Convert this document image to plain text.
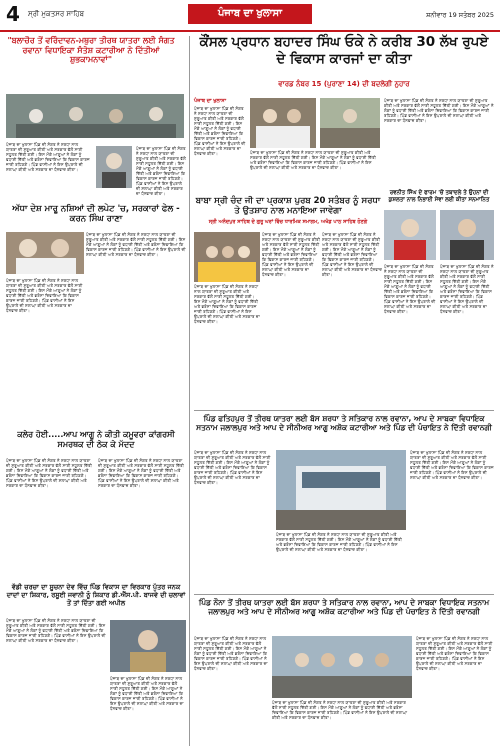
4 ਸ੍ਰੀ ਮੁਕਤਸਰ ਸਾਹਿਬ	ਪੰਜਾਬ ਦਾ ਖੁਲਾਸਾ	ਸ਼ਨੀਵਾਰ 19 ਸਤੰਬਰ 2025
"ਬਲਾਚੌਰ ਤੋਂ ਵਰਿੰਦਾਵਨ-ਮਥੁਰਾ ਤੀਰਥ ਯਾਤਰਾ ਲਈ ਸੰਗਤ ਰਵਾਨਾ ਵਿਧਾਇਕਾ ਸੰਤੋਸ਼ ਕਟਾਰੀਆ ਨੇ ਦਿੱਤੀਆਂ ਸ਼ੁਭਕਾਮਨਾਵਾਂ"
ਪੰਜਾਬ ਦਾ ਖੁਲਾਸਾ ਪਿੰਡ ਦੀ ਸੰਗਤ ਨੇ ਸ਼ਰਧਾ ਨਾਲ ਯਾਤਰਾ ਦੀ ਸ਼ੁਰੂਆਤ ਕੀਤੀ ਅਤੇ ਸਰਕਾਰ ਵੱਲੋਂ ਸਾਰੀ ਸਹੂਲਤ ਦਿੱਤੀ ਗਈ। ਇਸ ਮੌਕੇ ਆਗੂਆਂ ਨੇ ਲੋਕਾਂ ਨੂੰ ਵਧਾਈ ਦਿੱਤੀ ਅਤੇ ਭਰੋਸਾ ਦਿਵਾਇਆ ਕਿ ਵਿਕਾਸ ਕਾਰਜ ਜਾਰੀ ਰਹਿਣਗੇ। ਪਿੰਡ ਵਾਸੀਆਂ ਨੇ ਇਸ ਉਪਰਾਲੇ ਦੀ ਸ਼ਲਾਘਾ ਕੀਤੀ ਅਤੇ ਸਰਕਾਰ ਦਾ ਧੰਨਵਾਦ ਕੀਤਾ।
ਪੰਜਾਬ ਦਾ ਖੁਲਾਸਾ ਪਿੰਡ ਦੀ ਸੰਗਤ ਨੇ ਸ਼ਰਧਾ ਨਾਲ ਯਾਤਰਾ ਦੀ ਸ਼ੁਰੂਆਤ ਕੀਤੀ ਅਤੇ ਸਰਕਾਰ ਵੱਲੋਂ ਸਾਰੀ ਸਹੂਲਤ ਦਿੱਤੀ ਗਈ। ਇਸ ਮੌਕੇ ਆਗੂਆਂ ਨੇ ਲੋਕਾਂ ਨੂੰ ਵਧਾਈ ਦਿੱਤੀ ਅਤੇ ਭਰੋਸਾ ਦਿਵਾਇਆ ਕਿ ਵਿਕਾਸ ਕਾਰਜ ਜਾਰੀ ਰਹਿਣਗੇ। ਪਿੰਡ ਵਾਸੀਆਂ ਨੇ ਇਸ ਉਪਰਾਲੇ ਦੀ ਸ਼ਲਾਘਾ ਕੀਤੀ ਅਤੇ ਸਰਕਾਰ ਦਾ ਧੰਨਵਾਦ ਕੀਤਾ।
ਅੱਧਾ ਦੇਸ਼ ਮਾਰੂ ਨਸ਼ਿਆਂ ਦੀ ਲਪੇਟ 'ਚ, ਸਰਕਾਰਾਂ ਫੇਲ - ਕਰਨ ਸਿੰਘ ਰਾਣਾ
ਪੰਜਾਬ ਦਾ ਖੁਲਾਸਾ ਪਿੰਡ ਦੀ ਸੰਗਤ ਨੇ ਸ਼ਰਧਾ ਨਾਲ ਯਾਤਰਾ ਦੀ ਸ਼ੁਰੂਆਤ ਕੀਤੀ ਅਤੇ ਸਰਕਾਰ ਵੱਲੋਂ ਸਾਰੀ ਸਹੂਲਤ ਦਿੱਤੀ ਗਈ। ਇਸ ਮੌਕੇ ਆਗੂਆਂ ਨੇ ਲੋਕਾਂ ਨੂੰ ਵਧਾਈ ਦਿੱਤੀ ਅਤੇ ਭਰੋਸਾ ਦਿਵਾਇਆ ਕਿ ਵਿਕਾਸ ਕਾਰਜ ਜਾਰੀ ਰਹਿਣਗੇ। ਪਿੰਡ ਵਾਸੀਆਂ ਨੇ ਇਸ ਉਪਰਾਲੇ ਦੀ ਸ਼ਲਾਘਾ ਕੀਤੀ ਅਤੇ ਸਰਕਾਰ ਦਾ ਧੰਨਵਾਦ ਕੀਤਾ।
ਪੰਜਾਬ ਦਾ ਖੁਲਾਸਾ ਪਿੰਡ ਦੀ ਸੰਗਤ ਨੇ ਸ਼ਰਧਾ ਨਾਲ ਯਾਤਰਾ ਦੀ ਸ਼ੁਰੂਆਤ ਕੀਤੀ ਅਤੇ ਸਰਕਾਰ ਵੱਲੋਂ ਸਾਰੀ ਸਹੂਲਤ ਦਿੱਤੀ ਗਈ। ਇਸ ਮੌਕੇ ਆਗੂਆਂ ਨੇ ਲੋਕਾਂ ਨੂੰ ਵਧਾਈ ਦਿੱਤੀ ਅਤੇ ਭਰੋਸਾ ਦਿਵਾਇਆ ਕਿ ਵਿਕਾਸ ਕਾਰਜ ਜਾਰੀ ਰਹਿਣਗੇ। ਪਿੰਡ ਵਾਸੀਆਂ ਨੇ ਇਸ ਉਪਰਾਲੇ ਦੀ ਸ਼ਲਾਘਾ ਕੀਤੀ ਅਤੇ ਸਰਕਾਰ ਦਾ ਧੰਨਵਾਦ ਕੀਤਾ।
ਕਲੇਰ ਹੋਈ.....ਆਪ ਆਗੂ ਨੇ ਕੀਤੀ ਕਮੂਵਰਾ ਕਾਂਗਰਸੀ ਸਮਰਥਕ ਦੀ ਠੇਕ ਕੇ ਮੱਦਦ
ਪੰਜਾਬ ਦਾ ਖੁਲਾਸਾ ਪਿੰਡ ਦੀ ਸੰਗਤ ਨੇ ਸ਼ਰਧਾ ਨਾਲ ਯਾਤਰਾ ਦੀ ਸ਼ੁਰੂਆਤ ਕੀਤੀ ਅਤੇ ਸਰਕਾਰ ਵੱਲੋਂ ਸਾਰੀ ਸਹੂਲਤ ਦਿੱਤੀ ਗਈ। ਇਸ ਮੌਕੇ ਆਗੂਆਂ ਨੇ ਲੋਕਾਂ ਨੂੰ ਵਧਾਈ ਦਿੱਤੀ ਅਤੇ ਭਰੋਸਾ ਦਿਵਾਇਆ ਕਿ ਵਿਕਾਸ ਕਾਰਜ ਜਾਰੀ ਰਹਿਣਗੇ। ਪਿੰਡ ਵਾਸੀਆਂ ਨੇ ਇਸ ਉਪਰਾਲੇ ਦੀ ਸ਼ਲਾਘਾ ਕੀਤੀ ਅਤੇ ਸਰਕਾਰ ਦਾ ਧੰਨਵਾਦ ਕੀਤਾ।
ਪੰਜਾਬ ਦਾ ਖੁਲਾਸਾ ਪਿੰਡ ਦੀ ਸੰਗਤ ਨੇ ਸ਼ਰਧਾ ਨਾਲ ਯਾਤਰਾ ਦੀ ਸ਼ੁਰੂਆਤ ਕੀਤੀ ਅਤੇ ਸਰਕਾਰ ਵੱਲੋਂ ਸਾਰੀ ਸਹੂਲਤ ਦਿੱਤੀ ਗਈ। ਇਸ ਮੌਕੇ ਆਗੂਆਂ ਨੇ ਲੋਕਾਂ ਨੂੰ ਵਧਾਈ ਦਿੱਤੀ ਅਤੇ ਭਰੋਸਾ ਦਿਵਾਇਆ ਕਿ ਵਿਕਾਸ ਕਾਰਜ ਜਾਰੀ ਰਹਿਣਗੇ। ਪਿੰਡ ਵਾਸੀਆਂ ਨੇ ਇਸ ਉਪਰਾਲੇ ਦੀ ਸ਼ਲਾਘਾ ਕੀਤੀ ਅਤੇ ਸਰਕਾਰ ਦਾ ਧੰਨਵਾਦ ਕੀਤਾ।
ਵੱਡੀ ਚਰਚਾ ਦਾ ਸੂਚਨਾ ਦੇਵ ਵਿੱਚ ਪਿੰਡ ਵਿਕਾਸ ਦਾ ਵਿਰਕਾਰ ਪੁੱਤਰ ਜਨਕ ਦਾਦਾਂ ਦਾ ਸ਼ਿਕਾਰ, ਰਸੂਈ ਜਵਾਨੀ ਨੂੰ ਸ਼ਿਕਾਰ ਡੀ.ਐੱਸ.ਪੀ. ਬਾਜਵੇ ਦੀ ਚਲਾਵਾਂ ਤੋਂ ਤਾਂ ਦਿੱਤਾ ਗਈ ਅਪੀਲ
ਪੰਜਾਬ ਦਾ ਖੁਲਾਸਾ ਪਿੰਡ ਦੀ ਸੰਗਤ ਨੇ ਸ਼ਰਧਾ ਨਾਲ ਯਾਤਰਾ ਦੀ ਸ਼ੁਰੂਆਤ ਕੀਤੀ ਅਤੇ ਸਰਕਾਰ ਵੱਲੋਂ ਸਾਰੀ ਸਹੂਲਤ ਦਿੱਤੀ ਗਈ। ਇਸ ਮੌਕੇ ਆਗੂਆਂ ਨੇ ਲੋਕਾਂ ਨੂੰ ਵਧਾਈ ਦਿੱਤੀ ਅਤੇ ਭਰੋਸਾ ਦਿਵਾਇਆ ਕਿ ਵਿਕਾਸ ਕਾਰਜ ਜਾਰੀ ਰਹਿਣਗੇ। ਪਿੰਡ ਵਾਸੀਆਂ ਨੇ ਇਸ ਉਪਰਾਲੇ ਦੀ ਸ਼ਲਾਘਾ ਕੀਤੀ ਅਤੇ ਸਰਕਾਰ ਦਾ ਧੰਨਵਾਦ ਕੀਤਾ।
ਪੰਜਾਬ ਦਾ ਖੁਲਾਸਾ ਪਿੰਡ ਦੀ ਸੰਗਤ ਨੇ ਸ਼ਰਧਾ ਨਾਲ ਯਾਤਰਾ ਦੀ ਸ਼ੁਰੂਆਤ ਕੀਤੀ ਅਤੇ ਸਰਕਾਰ ਵੱਲੋਂ ਸਾਰੀ ਸਹੂਲਤ ਦਿੱਤੀ ਗਈ। ਇਸ ਮੌਕੇ ਆਗੂਆਂ ਨੇ ਲੋਕਾਂ ਨੂੰ ਵਧਾਈ ਦਿੱਤੀ ਅਤੇ ਭਰੋਸਾ ਦਿਵਾਇਆ ਕਿ ਵਿਕਾਸ ਕਾਰਜ ਜਾਰੀ ਰਹਿਣਗੇ। ਪਿੰਡ ਵਾਸੀਆਂ ਨੇ ਇਸ ਉਪਰਾਲੇ ਦੀ ਸ਼ਲਾਘਾ ਕੀਤੀ ਅਤੇ ਸਰਕਾਰ ਦਾ ਧੰਨਵਾਦ ਕੀਤਾ।
ਕੌਂਸਲ ਪ੍ਰਧਾਨ ਬਹਾਦਰ ਸਿੰਘ ਓਕੇ ਨੇ ਕਰੀਬ 30 ਲੱਖ ਰੁਪਏ ਦੇ ਵਿਕਾਸ ਕਾਰਜਾਂ ਦਾ ਕੀਤਾ
ਵਾਰਡ ਨੰਬਰ 15 (ਪੁਰਾਣਾ 14) ਦੀ ਬਦਲੇਗੀ ਨੁਹਾਰ
ਪੰਜਾਬ ਦਾ ਖੁਲਾਸਾ
ਪੰਜਾਬ ਦਾ ਖੁਲਾਸਾ ਪਿੰਡ ਦੀ ਸੰਗਤ ਨੇ ਸ਼ਰਧਾ ਨਾਲ ਯਾਤਰਾ ਦੀ ਸ਼ੁਰੂਆਤ ਕੀਤੀ ਅਤੇ ਸਰਕਾਰ ਵੱਲੋਂ ਸਾਰੀ ਸਹੂਲਤ ਦਿੱਤੀ ਗਈ। ਇਸ ਮੌਕੇ ਆਗੂਆਂ ਨੇ ਲੋਕਾਂ ਨੂੰ ਵਧਾਈ ਦਿੱਤੀ ਅਤੇ ਭਰੋਸਾ ਦਿਵਾਇਆ ਕਿ ਵਿਕਾਸ ਕਾਰਜ ਜਾਰੀ ਰਹਿਣਗੇ। ਪਿੰਡ ਵਾਸੀਆਂ ਨੇ ਇਸ ਉਪਰਾਲੇ ਦੀ ਸ਼ਲਾਘਾ ਕੀਤੀ ਅਤੇ ਸਰਕਾਰ ਦਾ ਧੰਨਵਾਦ ਕੀਤਾ।	ਪੰਜਾਬ ਦਾ ਖੁਲਾਸਾ ਪਿੰਡ ਦੀ ਸੰਗਤ ਨੇ ਸ਼ਰਧਾ ਨਾਲ ਯਾਤਰਾ ਦੀ ਸ਼ੁਰੂਆਤ ਕੀਤੀ ਅਤੇ ਸਰਕਾਰ ਵੱਲੋਂ ਸਾਰੀ ਸਹੂਲਤ ਦਿੱਤੀ ਗਈ। ਇਸ ਮੌਕੇ ਆਗੂਆਂ ਨੇ ਲੋਕਾਂ ਨੂੰ ਵਧਾਈ ਦਿੱਤੀ ਅਤੇ ਭਰੋਸਾ ਦਿਵਾਇਆ ਕਿ ਵਿਕਾਸ ਕਾਰਜ ਜਾਰੀ ਰਹਿਣਗੇ। ਪਿੰਡ ਵਾਸੀਆਂ ਨੇ ਇਸ ਉਪਰਾਲੇ ਦੀ ਸ਼ਲਾਘਾ ਕੀਤੀ ਅਤੇ ਸਰਕਾਰ ਦਾ ਧੰਨਵਾਦ ਕੀਤਾ।
ਪੰਜਾਬ ਦਾ ਖੁਲਾਸਾ ਪਿੰਡ ਦੀ ਸੰਗਤ ਨੇ ਸ਼ਰਧਾ ਨਾਲ ਯਾਤਰਾ ਦੀ ਸ਼ੁਰੂਆਤ ਕੀਤੀ ਅਤੇ ਸਰਕਾਰ ਵੱਲੋਂ ਸਾਰੀ ਸਹੂਲਤ ਦਿੱਤੀ ਗਈ। ਇਸ ਮੌਕੇ ਆਗੂਆਂ ਨੇ ਲੋਕਾਂ ਨੂੰ ਵਧਾਈ ਦਿੱਤੀ ਅਤੇ ਭਰੋਸਾ ਦਿਵਾਇਆ ਕਿ ਵਿਕਾਸ ਕਾਰਜ ਜਾਰੀ ਰਹਿਣਗੇ। ਪਿੰਡ ਵਾਸੀਆਂ ਨੇ ਇਸ ਉਪਰਾਲੇ ਦੀ ਸ਼ਲਾਘਾ ਕੀਤੀ ਅਤੇ ਸਰਕਾਰ ਦਾ ਧੰਨਵਾਦ ਕੀਤਾ।
ਰਵਨੀਤ ਸਿੰਘ ਦੇ ਫਾਰਮ 'ਚੋਂ ਤਬਾਦਲੇ ਤੇ ਉਹਨਾਂ ਦੀ ਕੁਸ਼ਲਤਾ ਨਾਲ ਨਿਭਾਈ ਸੇਵਾ ਲਈ ਕੀਤਾ ਸਨਮਾਨਿਤ
ਬਾਬਾ ਸ੍ਰੀ ਚੰਦ ਜੀ ਦਾ ਪ੍ਰਕਾਸ਼ ਪੁਰਬ 20 ਸਤੰਬਰ ਨੂੰ ਸਰਧਾ ਤੇ ਉਤਸ਼ਾਹ ਨਾਲ ਮਨਾਇਆ ਜਾਵੇਗਾ
ਸ੍ਰੀ ਅਨੰਦਪੁਰ ਸਾਹਿਬ ਦੇ ਗੁਰੂ ਘਰਾਂ ਵਿੱਚ ਧਾਰਮਿਕ ਸਮਾਗਮ, ਅਖੰਡ ਪਾਠ ਸਾਹਿਬ ਹੋਣਗੇ
ਪੰਜਾਬ ਦਾ ਖੁਲਾਸਾ ਪਿੰਡ ਦੀ ਸੰਗਤ ਨੇ ਸ਼ਰਧਾ ਨਾਲ ਯਾਤਰਾ ਦੀ ਸ਼ੁਰੂਆਤ ਕੀਤੀ ਅਤੇ ਸਰਕਾਰ ਵੱਲੋਂ ਸਾਰੀ ਸਹੂਲਤ ਦਿੱਤੀ ਗਈ। ਇਸ ਮੌਕੇ ਆਗੂਆਂ ਨੇ ਲੋਕਾਂ ਨੂੰ ਵਧਾਈ ਦਿੱਤੀ ਅਤੇ ਭਰੋਸਾ ਦਿਵਾਇਆ ਕਿ ਵਿਕਾਸ ਕਾਰਜ ਜਾਰੀ ਰਹਿਣਗੇ। ਪਿੰਡ ਵਾਸੀਆਂ ਨੇ ਇਸ ਉਪਰਾਲੇ ਦੀ ਸ਼ਲਾਘਾ ਕੀਤੀ ਅਤੇ ਸਰਕਾਰ ਦਾ ਧੰਨਵਾਦ ਕੀਤਾ।
ਪੰਜਾਬ ਦਾ ਖੁਲਾਸਾ ਪਿੰਡ ਦੀ ਸੰਗਤ ਨੇ ਸ਼ਰਧਾ ਨਾਲ ਯਾਤਰਾ ਦੀ ਸ਼ੁਰੂਆਤ ਕੀਤੀ ਅਤੇ ਸਰਕਾਰ ਵੱਲੋਂ ਸਾਰੀ ਸਹੂਲਤ ਦਿੱਤੀ ਗਈ। ਇਸ ਮੌਕੇ ਆਗੂਆਂ ਨੇ ਲੋਕਾਂ ਨੂੰ ਵਧਾਈ ਦਿੱਤੀ ਅਤੇ ਭਰੋਸਾ ਦਿਵਾਇਆ ਕਿ ਵਿਕਾਸ ਕਾਰਜ ਜਾਰੀ ਰਹਿਣਗੇ। ਪਿੰਡ ਵਾਸੀਆਂ ਨੇ ਇਸ ਉਪਰਾਲੇ ਦੀ ਸ਼ਲਾਘਾ ਕੀਤੀ ਅਤੇ ਸਰਕਾਰ ਦਾ ਧੰਨਵਾਦ ਕੀਤਾ।
ਪੰਜਾਬ ਦਾ ਖੁਲਾਸਾ ਪਿੰਡ ਦੀ ਸੰਗਤ ਨੇ ਸ਼ਰਧਾ ਨਾਲ ਯਾਤਰਾ ਦੀ ਸ਼ੁਰੂਆਤ ਕੀਤੀ ਅਤੇ ਸਰਕਾਰ ਵੱਲੋਂ ਸਾਰੀ ਸਹੂਲਤ ਦਿੱਤੀ ਗਈ। ਇਸ ਮੌਕੇ ਆਗੂਆਂ ਨੇ ਲੋਕਾਂ ਨੂੰ ਵਧਾਈ ਦਿੱਤੀ ਅਤੇ ਭਰੋਸਾ ਦਿਵਾਇਆ ਕਿ ਵਿਕਾਸ ਕਾਰਜ ਜਾਰੀ ਰਹਿਣਗੇ। ਪਿੰਡ ਵਾਸੀਆਂ ਨੇ ਇਸ ਉਪਰਾਲੇ ਦੀ ਸ਼ਲਾਘਾ ਕੀਤੀ ਅਤੇ ਸਰਕਾਰ ਦਾ ਧੰਨਵਾਦ ਕੀਤਾ।
ਪੰਜਾਬ ਦਾ ਖੁਲਾਸਾ ਪਿੰਡ ਦੀ ਸੰਗਤ ਨੇ ਸ਼ਰਧਾ ਨਾਲ ਯਾਤਰਾ ਦੀ ਸ਼ੁਰੂਆਤ ਕੀਤੀ ਅਤੇ ਸਰਕਾਰ ਵੱਲੋਂ ਸਾਰੀ ਸਹੂਲਤ ਦਿੱਤੀ ਗਈ। ਇਸ ਮੌਕੇ ਆਗੂਆਂ ਨੇ ਲੋਕਾਂ ਨੂੰ ਵਧਾਈ ਦਿੱਤੀ ਅਤੇ ਭਰੋਸਾ ਦਿਵਾਇਆ ਕਿ ਵਿਕਾਸ ਕਾਰਜ ਜਾਰੀ ਰਹਿਣਗੇ। ਪਿੰਡ ਵਾਸੀਆਂ ਨੇ ਇਸ ਉਪਰਾਲੇ ਦੀ ਸ਼ਲਾਘਾ ਕੀਤੀ ਅਤੇ ਸਰਕਾਰ ਦਾ ਧੰਨਵਾਦ ਕੀਤਾ।
ਪੰਜਾਬ ਦਾ ਖੁਲਾਸਾ ਪਿੰਡ ਦੀ ਸੰਗਤ ਨੇ ਸ਼ਰਧਾ ਨਾਲ ਯਾਤਰਾ ਦੀ ਸ਼ੁਰੂਆਤ ਕੀਤੀ ਅਤੇ ਸਰਕਾਰ ਵੱਲੋਂ ਸਾਰੀ ਸਹੂਲਤ ਦਿੱਤੀ ਗਈ। ਇਸ ਮੌਕੇ ਆਗੂਆਂ ਨੇ ਲੋਕਾਂ ਨੂੰ ਵਧਾਈ ਦਿੱਤੀ ਅਤੇ ਭਰੋਸਾ ਦਿਵਾਇਆ ਕਿ ਵਿਕਾਸ ਕਾਰਜ ਜਾਰੀ ਰਹਿਣਗੇ। ਪਿੰਡ ਵਾਸੀਆਂ ਨੇ ਇਸ ਉਪਰਾਲੇ ਦੀ ਸ਼ਲਾਘਾ ਕੀਤੀ ਅਤੇ ਸਰਕਾਰ ਦਾ ਧੰਨਵਾਦ ਕੀਤਾ।
ਪਿੰਡ ਫਤਿਹਪੁਰ ਤੋਂ ਤੀਰਥ ਯਾਤਰਾ ਲਈ ਬੱਸ ਸ਼ਰਧਾ ਤੇ ਸਤਿਕਾਰ ਨਾਲ ਰਵਾਨਾ, ਆਪ ਦੇ ਸਾਬਕਾ ਵਿਧਾਇਕ ਸਤਨਾਮ ਜਲਾਲਪੁਰ ਅਤੇ ਆਪ ਦੇ ਸੀਨੀਅਰ ਆਗੂ ਅਸ਼ੋਕ ਕਟਾਰੀਆ ਅਤੇ ਪਿੰਡ ਦੀ ਪੰਚਾਇਤ ਨੇ ਦਿੱਤੀ ਰਵਾਨਗੀ
ਪੰਜਾਬ ਦਾ ਖੁਲਾਸਾ ਪਿੰਡ ਦੀ ਸੰਗਤ ਨੇ ਸ਼ਰਧਾ ਨਾਲ ਯਾਤਰਾ ਦੀ ਸ਼ੁਰੂਆਤ ਕੀਤੀ ਅਤੇ ਸਰਕਾਰ ਵੱਲੋਂ ਸਾਰੀ ਸਹੂਲਤ ਦਿੱਤੀ ਗਈ। ਇਸ ਮੌਕੇ ਆਗੂਆਂ ਨੇ ਲੋਕਾਂ ਨੂੰ ਵਧਾਈ ਦਿੱਤੀ ਅਤੇ ਭਰੋਸਾ ਦਿਵਾਇਆ ਕਿ ਵਿਕਾਸ ਕਾਰਜ ਜਾਰੀ ਰਹਿਣਗੇ। ਪਿੰਡ ਵਾਸੀਆਂ ਨੇ ਇਸ ਉਪਰਾਲੇ ਦੀ ਸ਼ਲਾਘਾ ਕੀਤੀ ਅਤੇ ਸਰਕਾਰ ਦਾ ਧੰਨਵਾਦ ਕੀਤਾ।
ਪੰਜਾਬ ਦਾ ਖੁਲਾਸਾ ਪਿੰਡ ਦੀ ਸੰਗਤ ਨੇ ਸ਼ਰਧਾ ਨਾਲ ਯਾਤਰਾ ਦੀ ਸ਼ੁਰੂਆਤ ਕੀਤੀ ਅਤੇ ਸਰਕਾਰ ਵੱਲੋਂ ਸਾਰੀ ਸਹੂਲਤ ਦਿੱਤੀ ਗਈ। ਇਸ ਮੌਕੇ ਆਗੂਆਂ ਨੇ ਲੋਕਾਂ ਨੂੰ ਵਧਾਈ ਦਿੱਤੀ ਅਤੇ ਭਰੋਸਾ ਦਿਵਾਇਆ ਕਿ ਵਿਕਾਸ ਕਾਰਜ ਜਾਰੀ ਰਹਿਣਗੇ। ਪਿੰਡ ਵਾਸੀਆਂ ਨੇ ਇਸ ਉਪਰਾਲੇ ਦੀ ਸ਼ਲਾਘਾ ਕੀਤੀ ਅਤੇ ਸਰਕਾਰ ਦਾ ਧੰਨਵਾਦ ਕੀਤਾ।
ਪੰਜਾਬ ਦਾ ਖੁਲਾਸਾ ਪਿੰਡ ਦੀ ਸੰਗਤ ਨੇ ਸ਼ਰਧਾ ਨਾਲ ਯਾਤਰਾ ਦੀ ਸ਼ੁਰੂਆਤ ਕੀਤੀ ਅਤੇ ਸਰਕਾਰ ਵੱਲੋਂ ਸਾਰੀ ਸਹੂਲਤ ਦਿੱਤੀ ਗਈ। ਇਸ ਮੌਕੇ ਆਗੂਆਂ ਨੇ ਲੋਕਾਂ ਨੂੰ ਵਧਾਈ ਦਿੱਤੀ ਅਤੇ ਭਰੋਸਾ ਦਿਵਾਇਆ ਕਿ ਵਿਕਾਸ ਕਾਰਜ ਜਾਰੀ ਰਹਿਣਗੇ। ਪਿੰਡ ਵਾਸੀਆਂ ਨੇ ਇਸ ਉਪਰਾਲੇ ਦੀ ਸ਼ਲਾਘਾ ਕੀਤੀ ਅਤੇ ਸਰਕਾਰ ਦਾ ਧੰਨਵਾਦ ਕੀਤਾ।
ਪਿੰਡ ਨੌਨਾ ਤੋਂ ਤੀਰਥ ਯਾਤਰਾ ਲਈ ਬੱਸ ਸ਼ਰਧਾ ਤੇ ਸਤਿਕਾਰ ਨਾਲ ਰਵਾਨਾ, ਆਪ ਦੇ ਸਾਬਕਾ ਵਿਧਾਇਕ ਸਤਨਾਮ ਜਲਾਲਪੁਰ ਅਤੇ ਆਪ ਦੇ ਸੀਨੀਅਰ ਆਗੂ ਅਸ਼ੋਕ ਕਟਾਰੀਆ ਅਤੇ ਪਿੰਡ ਦੀ ਪੰਚਾਇਤ ਨੇ ਦਿੱਤੀ ਰਵਾਨਗੀ
ਪੰਜਾਬ ਦਾ ਖੁਲਾਸਾ ਪਿੰਡ ਦੀ ਸੰਗਤ ਨੇ ਸ਼ਰਧਾ ਨਾਲ ਯਾਤਰਾ ਦੀ ਸ਼ੁਰੂਆਤ ਕੀਤੀ ਅਤੇ ਸਰਕਾਰ ਵੱਲੋਂ ਸਾਰੀ ਸਹੂਲਤ ਦਿੱਤੀ ਗਈ। ਇਸ ਮੌਕੇ ਆਗੂਆਂ ਨੇ ਲੋਕਾਂ ਨੂੰ ਵਧਾਈ ਦਿੱਤੀ ਅਤੇ ਭਰੋਸਾ ਦਿਵਾਇਆ ਕਿ ਵਿਕਾਸ ਕਾਰਜ ਜਾਰੀ ਰਹਿਣਗੇ। ਪਿੰਡ ਵਾਸੀਆਂ ਨੇ ਇਸ ਉਪਰਾਲੇ ਦੀ ਸ਼ਲਾਘਾ ਕੀਤੀ ਅਤੇ ਸਰਕਾਰ ਦਾ ਧੰਨਵਾਦ ਕੀਤਾ।
ਪੰਜਾਬ ਦਾ ਖੁਲਾਸਾ ਪਿੰਡ ਦੀ ਸੰਗਤ ਨੇ ਸ਼ਰਧਾ ਨਾਲ ਯਾਤਰਾ ਦੀ ਸ਼ੁਰੂਆਤ ਕੀਤੀ ਅਤੇ ਸਰਕਾਰ ਵੱਲੋਂ ਸਾਰੀ ਸਹੂਲਤ ਦਿੱਤੀ ਗਈ। ਇਸ ਮੌਕੇ ਆਗੂਆਂ ਨੇ ਲੋਕਾਂ ਨੂੰ ਵਧਾਈ ਦਿੱਤੀ ਅਤੇ ਭਰੋਸਾ ਦਿਵਾਇਆ ਕਿ ਵਿਕਾਸ ਕਾਰਜ ਜਾਰੀ ਰਹਿਣਗੇ। ਪਿੰਡ ਵਾਸੀਆਂ ਨੇ ਇਸ ਉਪਰਾਲੇ ਦੀ ਸ਼ਲਾਘਾ ਕੀਤੀ ਅਤੇ ਸਰਕਾਰ ਦਾ ਧੰਨਵਾਦ ਕੀਤਾ।
ਪੰਜਾਬ ਦਾ ਖੁਲਾਸਾ ਪਿੰਡ ਦੀ ਸੰਗਤ ਨੇ ਸ਼ਰਧਾ ਨਾਲ ਯਾਤਰਾ ਦੀ ਸ਼ੁਰੂਆਤ ਕੀਤੀ ਅਤੇ ਸਰਕਾਰ ਵੱਲੋਂ ਸਾਰੀ ਸਹੂਲਤ ਦਿੱਤੀ ਗਈ। ਇਸ ਮੌਕੇ ਆਗੂਆਂ ਨੇ ਲੋਕਾਂ ਨੂੰ ਵਧਾਈ ਦਿੱਤੀ ਅਤੇ ਭਰੋਸਾ ਦਿਵਾਇਆ ਕਿ ਵਿਕਾਸ ਕਾਰਜ ਜਾਰੀ ਰਹਿਣਗੇ। ਪਿੰਡ ਵਾਸੀਆਂ ਨੇ ਇਸ ਉਪਰਾਲੇ ਦੀ ਸ਼ਲਾਘਾ ਕੀਤੀ ਅਤੇ ਸਰਕਾਰ ਦਾ ਧੰਨਵਾਦ ਕੀਤਾ।
